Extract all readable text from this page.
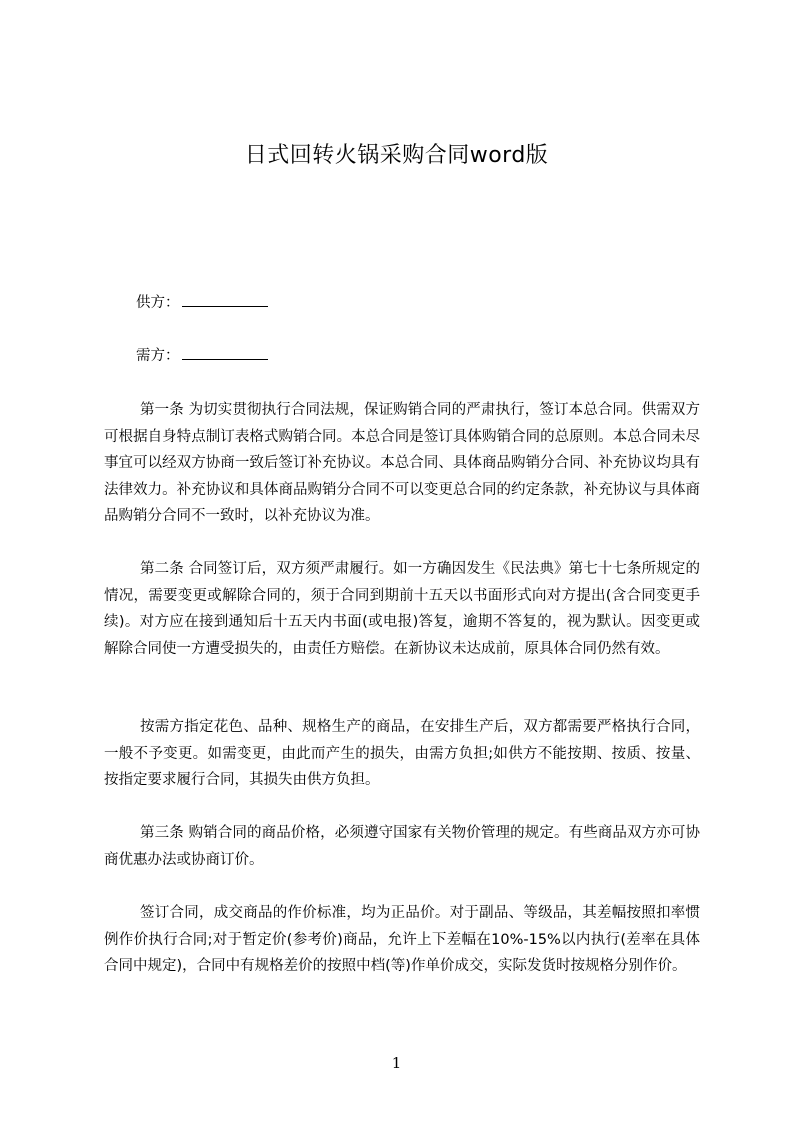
日式回转火锅采购合同word版
供方：
需方：
第一条 为切实贯彻执行合同法规，保证购销合同的严肃执行，签订本总合同。供需双方可根据自身特点制订表格式购销合同。本总合同是签订具体购销合同的总原则。本总合同未尽事宜可以经双方协商一致后签订补充协议。本总合同、具体商品购销分合同、补充协议均具有法律效力。补充协议和具体商品购销分合同不可以变更总合同的约定条款，补充协议与具体商品购销分合同不一致时，以补充协议为准。
第二条 合同签订后，双方须严肃履行。如一方确因发生《民法典》第七十七条所规定的情况，需要变更或解除合同的，须于合同到期前十五天以书面形式向对方提出(含合同变更手续)。对方应在接到通知后十五天内书面(或电报)答复，逾期不答复的，视为默认。因变更或解除合同使一方遭受损失的，由责任方赔偿。在新协议未达成前，原具体合同仍然有效。
按需方指定花色、品种、规格生产的商品，在安排生产后，双方都需要严格执行合同，一般不予变更。如需变更，由此而产生的损失，由需方负担;如供方不能按期、按质、按量、按指定要求履行合同，其损失由供方负担。
第三条 购销合同的商品价格，必须遵守国家有关物价管理的规定。有些商品双方亦可协商优惠办法或协商订价。
签订合同，成交商品的作价标准，均为正品价。对于副品、等级品，其差幅按照扣率惯例作价执行合同;对于暂定价(参考价)商品，允许上下差幅在10%-15%以内执行(差率在具体合同中规定)，合同中有规格差价的按照中档(等)作单价成交，实际发货时按规格分别作价。
1
